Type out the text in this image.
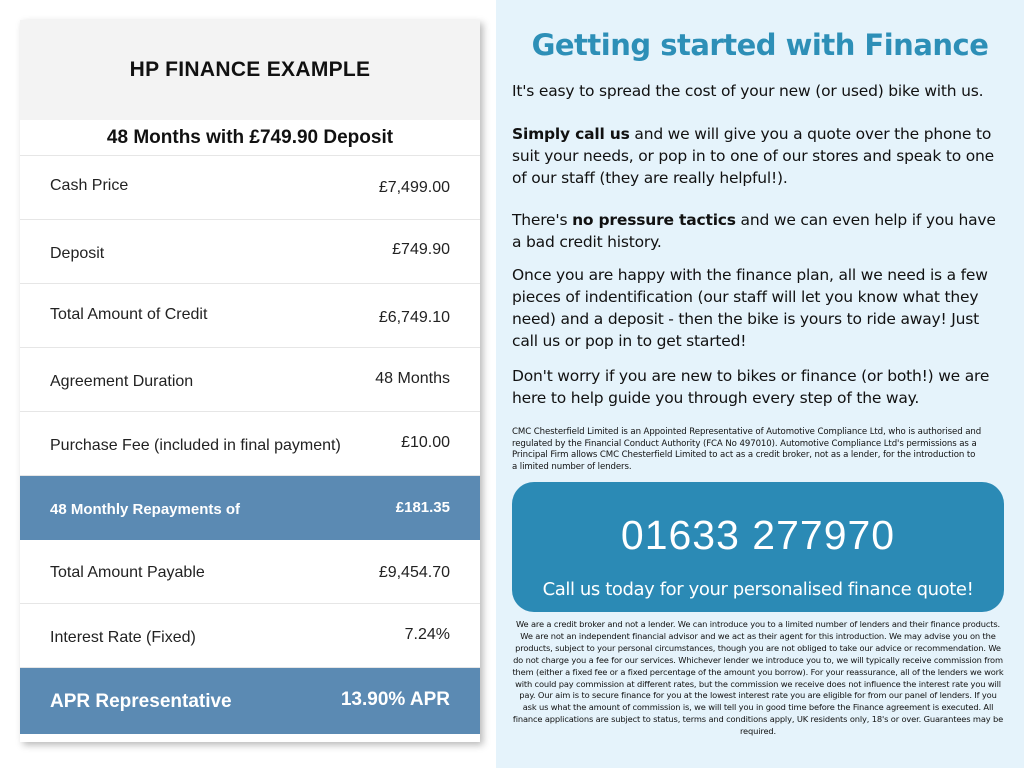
HP FINANCE EXAMPLE
48 Months with £749.90 Deposit
Cash Price	£7,499.00
Deposit	£749.90
Total Amount of Credit	£6,749.10
Agreement Duration	48 Months
Purchase Fee (included in final payment)	£10.00
48 Monthly Repayments of	£181.35
Total Amount Payable	£9,454.70
Interest Rate (Fixed)	7.24%
APR Representative	13.90% APR
Getting started with Finance
It's easy to spread the cost of your new (or used) bike with us.
Simply call us and we will give you a quote over the phone to suit your needs, or pop in to one of our stores and speak to one of our staff (they are really helpful!).
There's no pressure tactics and we can even help if you have a bad credit history.
Once you are happy with the finance plan, all we need is a few pieces of indentification (our staff will let you know what they need) and a deposit - then the bike is yours to ride away! Just call us or pop in to get started!
Don't worry if you are new to bikes or finance (or both!) we are here to help guide you through every step of the way.
CMC Chesterfield Limited is an Appointed Representative of Automotive Compliance Ltd, who is authorised and regulated by the Financial Conduct Authority (FCA No 497010). Automotive Compliance Ltd's permissions as a Principal Firm allows CMC Chesterfield Limited to act as a credit broker, not as a lender, for the introduction to a limited number of lenders.
01633 277970
Call us today for your personalised finance quote!
We are a credit broker and not a lender. We can introduce you to a limited number of lenders and their finance products. We are not an independent financial advisor and we act as their agent for this introduction. We may advise you on the products, subject to your personal circumstances, though you are not obliged to take our advice or recommendation. We do not charge you a fee for our services. Whichever lender we introduce you to, we will typically receive commission from them (either a fixed fee or a fixed percentage of the amount you borrow). For your reassurance, all of the lenders we work with could pay commission at different rates, but the commission we receive does not influence the interest rate you will pay. Our aim is to secure finance for you at the lowest interest rate you are eligible for from our panel of lenders. If you ask us what the amount of commission is, we will tell you in good time before the Finance agreement is executed. All finance applications are subject to status, terms and conditions apply, UK residents only, 18's or over. Guarantees may be required.
